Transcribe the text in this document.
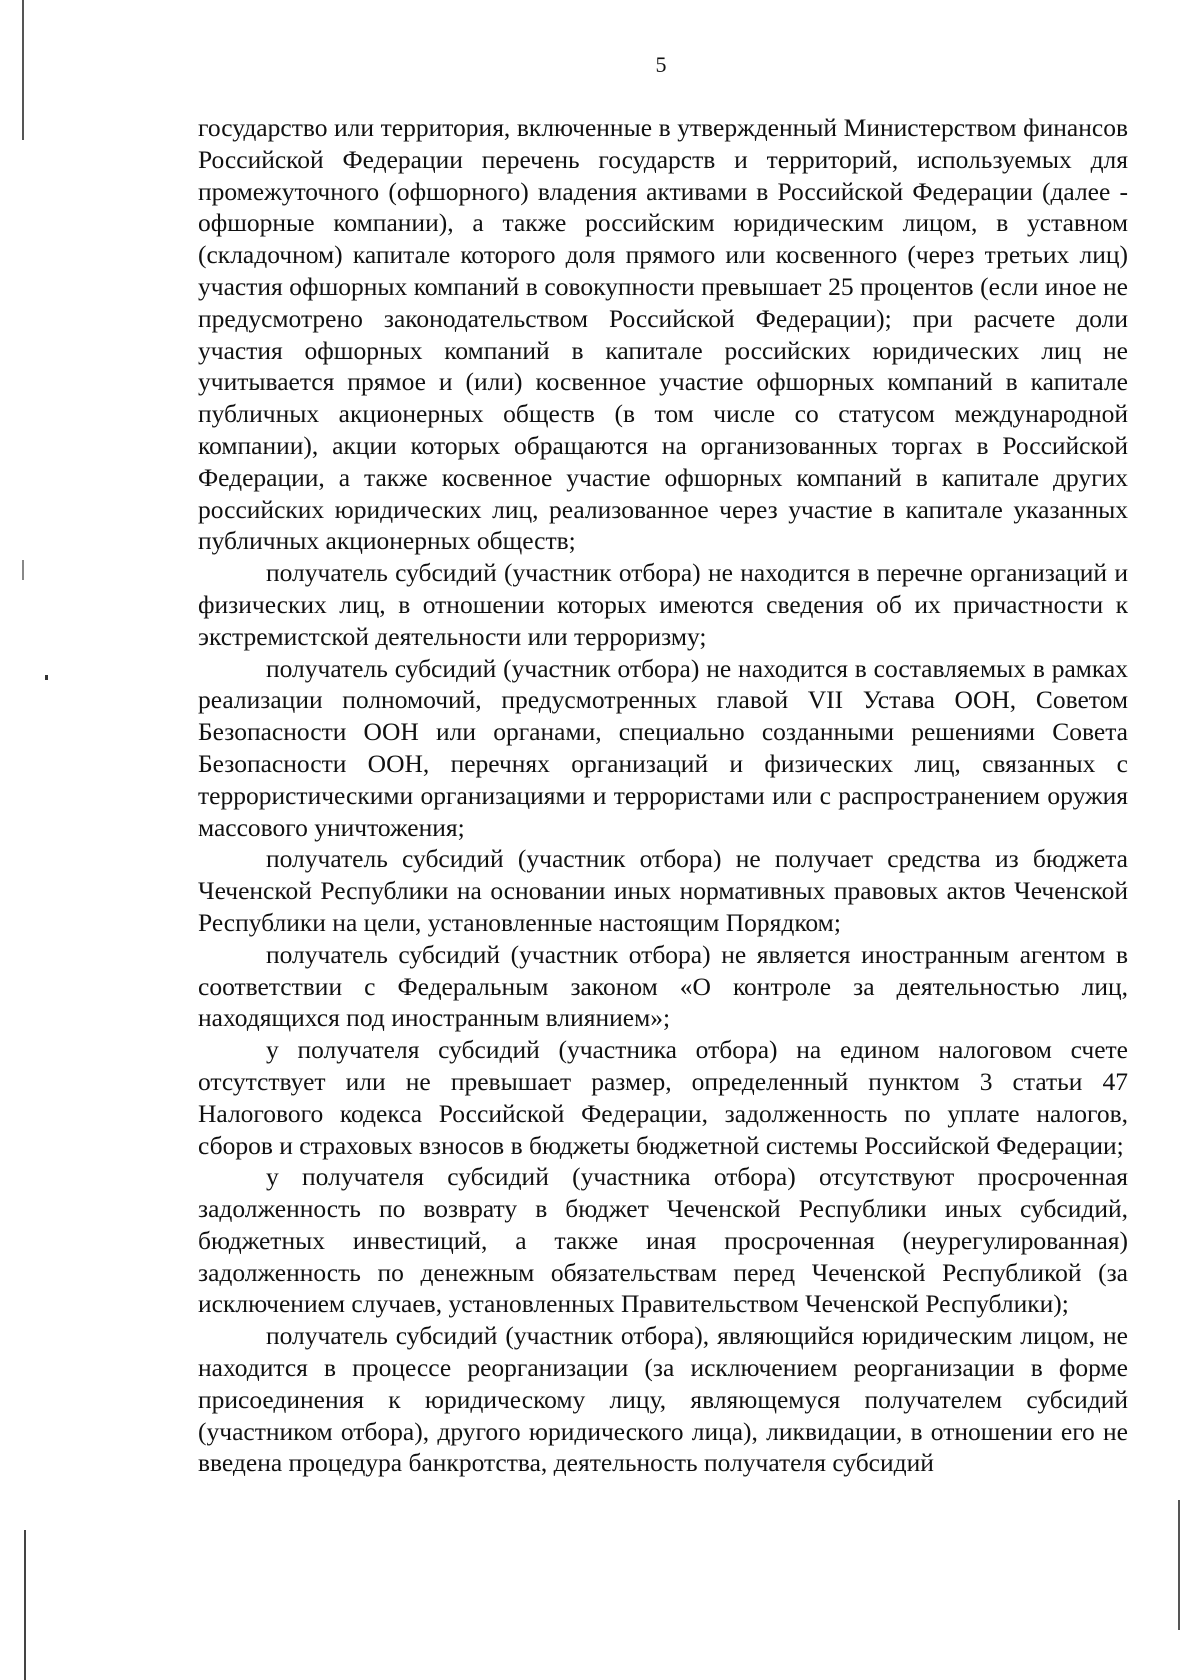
5

государство или территория, включенные в утвержденный Министерством финансов Российской Федерации перечень государств и территорий, используемых для промежуточного (офшорного) владения активами в Российской Федерации (далее - офшорные компании), а также российским юридическим лицом, в уставном (складочном) капитале которого доля прямого или косвенного (через третьих лиц) участия офшорных компаний в совокупности превышает 25 процентов (если иное не предусмотрено законодательством Российской Федерации); при расчете доли участия офшорных компаний в капитале российских юридических лиц не учитывается прямое и (или) косвенное участие офшорных компаний в капитале публичных акционерных обществ (в том числе со статусом международной компании), акции которых обращаются на организованных торгах в Российской Федерации, а также косвенное участие офшорных компаний в капитале других российских юридических лиц, реализованное через участие в капитале указанных публичных акционерных обществ;

получатель субсидий (участник отбора) не находится в перечне организаций и физических лиц, в отношении которых имеются сведения об их причастности к экстремистской деятельности или терроризму;

получатель субсидий (участник отбора) не находится в составляемых в рамках реализации полномочий, предусмотренных главой VII Устава ООН, Советом Безопасности ООН или органами, специально созданными решениями Совета Безопасности ООН, перечнях организаций и физических лиц, связанных с террористическими организациями и террористами или с распространением оружия массового уничтожения;

получатель субсидий (участник отбора) не получает средства из бюджета Чеченской Республики на основании иных нормативных правовых актов Чеченской Республики на цели, установленные настоящим Порядком;

получатель субсидий (участник отбора) не является иностранным агентом в соответствии с Федеральным законом «О контроле за деятельностью лиц, находящихся под иностранным влиянием»;

у получателя субсидий (участника отбора) на едином налоговом счете отсутствует или не превышает размер, определенный пунктом 3 статьи 47 Налогового кодекса Российской Федерации, задолженность по уплате налогов, сборов и страховых взносов в бюджеты бюджетной системы Российской Федерации;

у получателя субсидий (участника отбора) отсутствуют просроченная задолженность по возврату в бюджет Чеченской Республики иных субсидий, бюджетных инвестиций, а также иная просроченная (неурегулированная) задолженность по денежным обязательствам перед Чеченской Республикой (за исключением случаев, установленных Правительством Чеченской Республики);

получатель субсидий (участник отбора), являющийся юридическим лицом, не находится в процессе реорганизации (за исключением реорганизации в форме присоединения к юридическому лицу, являющемуся получателем субсидий (участником отбора), другого юридического лица), ликвидации, в отношении его не введена процедура банкротства, деятельность получателя субсидий
